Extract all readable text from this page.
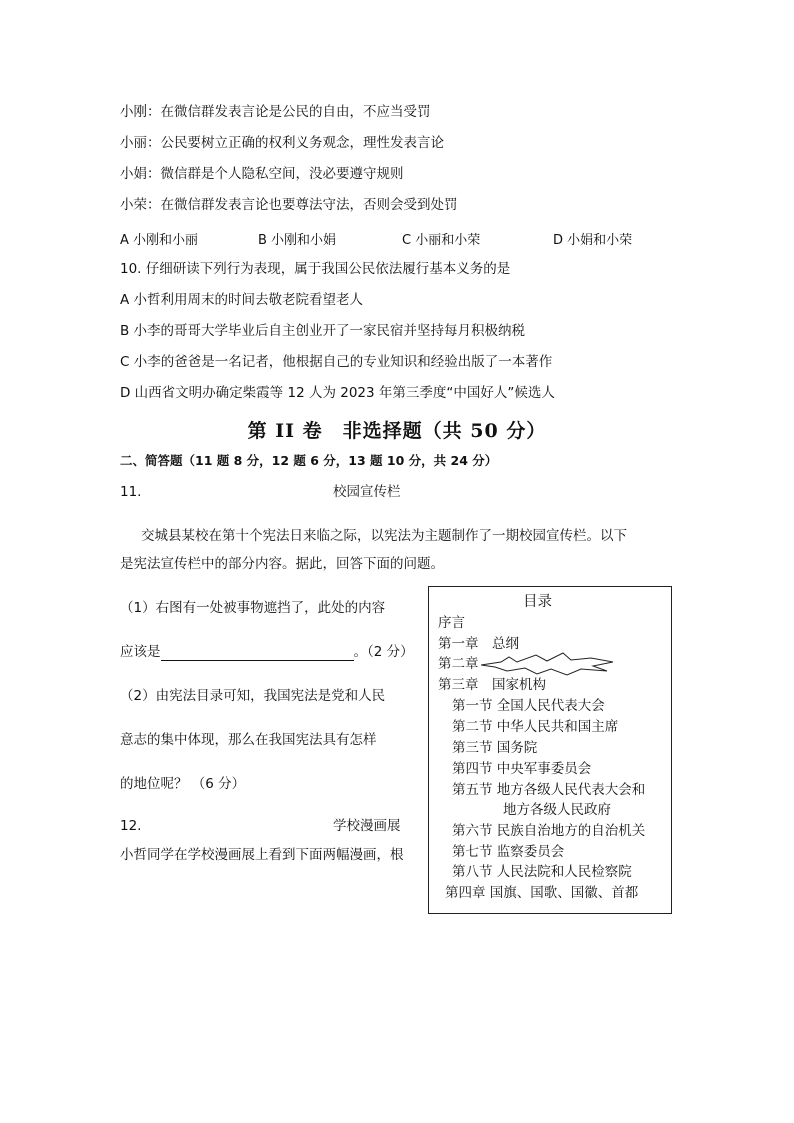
小刚：在微信群发表言论是公民的自由，不应当受罚
小丽：公民要树立正确的权利义务观念，理性发表言论
小娟：微信群是个人隐私空间，没必要遵守规则
小荣：在微信群发表言论也要尊法守法，否则会受到处罚
A 小刚和小丽	B 小刚和小娟	C 小丽和小荣	D 小娟和小荣
10. 仔细研读下列行为表现，属于我国公民依法履行基本义务的是
A 小哲利用周末的时间去敬老院看望老人
B 小李的哥哥大学毕业后自主创业开了一家民宿并坚持每月积极纳税
C 小李的爸爸是一名记者，他根据自己的专业知识和经验出版了一本著作
D 山西省文明办确定柴霞等 12 人为 2023 年第三季度“中国好人”候选人
第 II 卷　非选择题（共 50 分）
二、简答题（11 题 8 分，12 题 6 分，13 题 10 分，共 24 分）
11.	校园宣传栏
交城县某校在第十个宪法日来临之际，以宪法为主题制作了一期校园宣传栏。以下
是宪法宣传栏中的部分内容。据此，回答下面的问题。
（1）右图有一处被事物遮挡了，此处的内容
应该是	。（2 分）
（2）由宪法目录可知，我国宪法是党和人民
意志的集中体现，那么在我国宪法具有怎样
的地位呢？ （6 分）
12.	学校漫画展
小哲同学在学校漫画展上看到下面两幅漫画，根
目录
序言
第一章　总纲
第二章
第三章　国家机构
第一节 全国人民代表大会
第二节 中华人民共和国主席
第三节 国务院
第四节 中央军事委员会
第五节 地方各级人民代表大会和
地方各级人民政府
第六节 民族自治地方的自治机关
第七节 监察委员会
第八节 人民法院和人民检察院
第四章 国旗、国歌、国徽、首都
